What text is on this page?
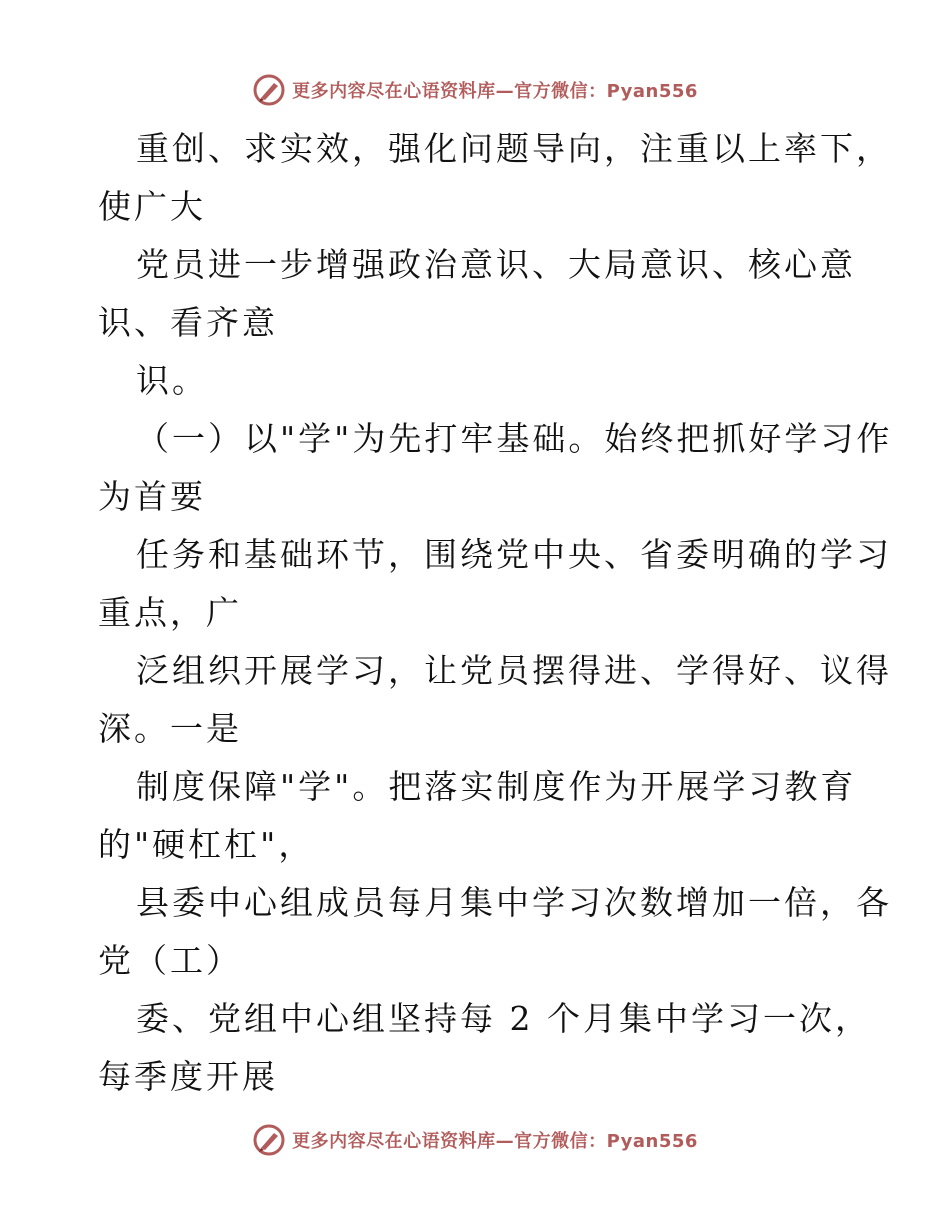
更多内容尽在心语资料库—官方微信：Pyan556
重创、求实效，强化问题导向，注重以上率下，
使广大
党员进一步增强政治意识、大局意识、核心意
识、看齐意
识。
（一）以"学"为先打牢基础。始终把抓好学习作
为首要
任务和基础环节，围绕党中央、省委明确的学习
重点，广
泛组织开展学习，让党员摆得进、学得好、议得
深。一是
制度保障"学"。把落实制度作为开展学习教育
的"硬杠杠"，
县委中心组成员每月集中学习次数增加一倍，各
党（工）
委、党组中心组坚持每 2 个月集中学习一次，
每季度开展
更多内容尽在心语资料库—官方微信：Pyan556
